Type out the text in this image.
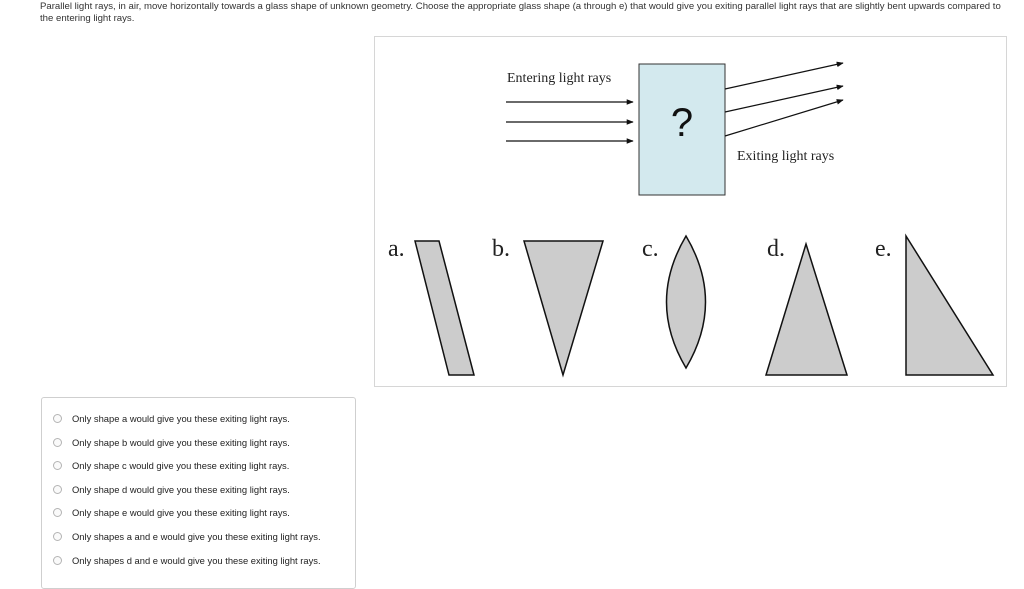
Parallel light rays, in air, move horizontally towards a glass shape of unknown geometry. Choose the appropriate glass shape (a through e) that would give you exiting parallel light rays that are slightly bent upwards compared to the entering light rays.
Entering light rays
?
Exiting light rays
a.	b.	c.	d.	e.
Only shape a would give you these exiting light rays.
Only shape b would give you these exiting light rays.
Only shape c would give you these exiting light rays.
Only shape d would give you these exiting light rays.
Only shape e would give you these exiting light rays.
Only shapes a and e would give you these exiting light rays.
Only shapes d and e would give you these exiting light rays.
